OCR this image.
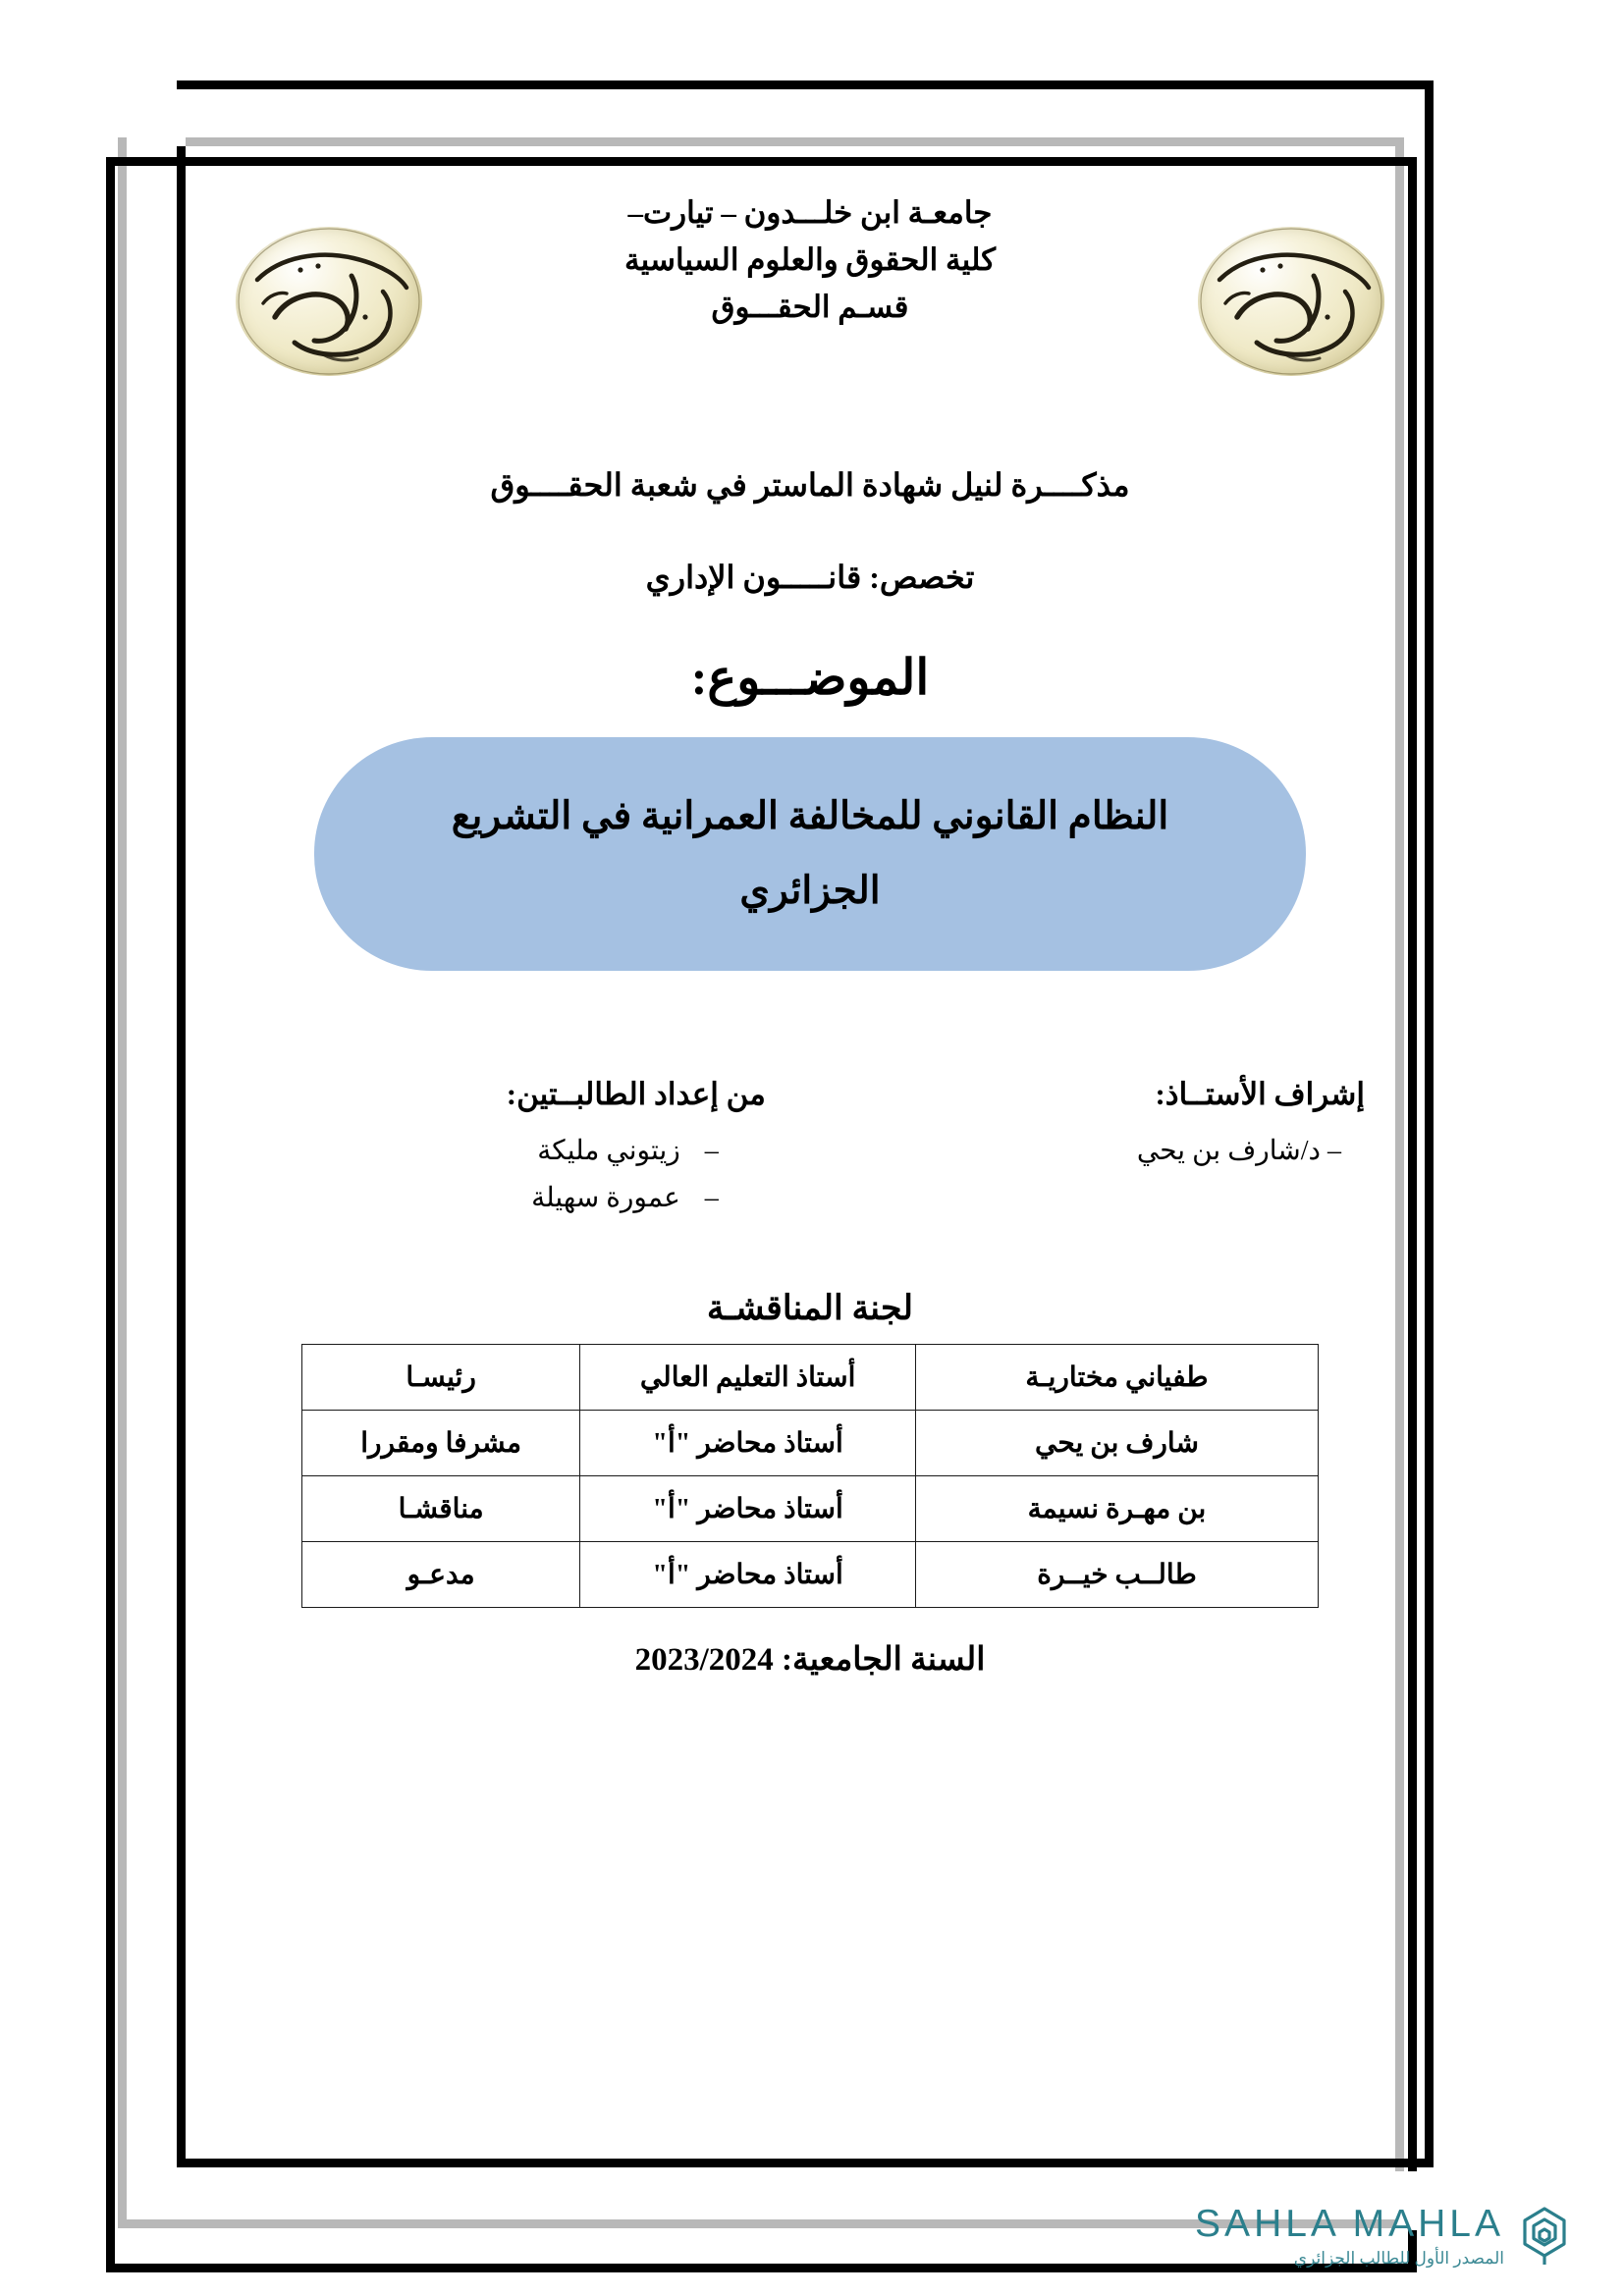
جامعـة ابن خلـــدون – تيارت–
كلية الحقوق والعلوم السياسية
قسـم الحقـــوق
مذكــــرة لنيل شهادة الماستر في شعبة الحقــــوق
تخصص: قانـــــون الإداري
الموضـــوع:
النظام القانوني للمخالفة العمرانية في التشريع الجزائري
إشراف الأستــاذ:
– د/شارف بن يحي
من إعداد الطالبــتين:
– زيتوني مليكة
– عمورة سهيلة
لجنة المناقشـة
طفياني مختاريـة	أستاذ التعليم العالي	رئيسـا
شارف بن يحي	أستاذ محاضر "أ"	مشرفا ومقررا
بن مهـرة نسيمة	أستاذ محاضر "أ"	مناقشـا
طالــب خيــرة	أستاذ محاضر "أ"	مدعـو
السنة الجامعية: 2023/2024
SAHLA MAHLA
المصدر الأول للطالب الجزائري
